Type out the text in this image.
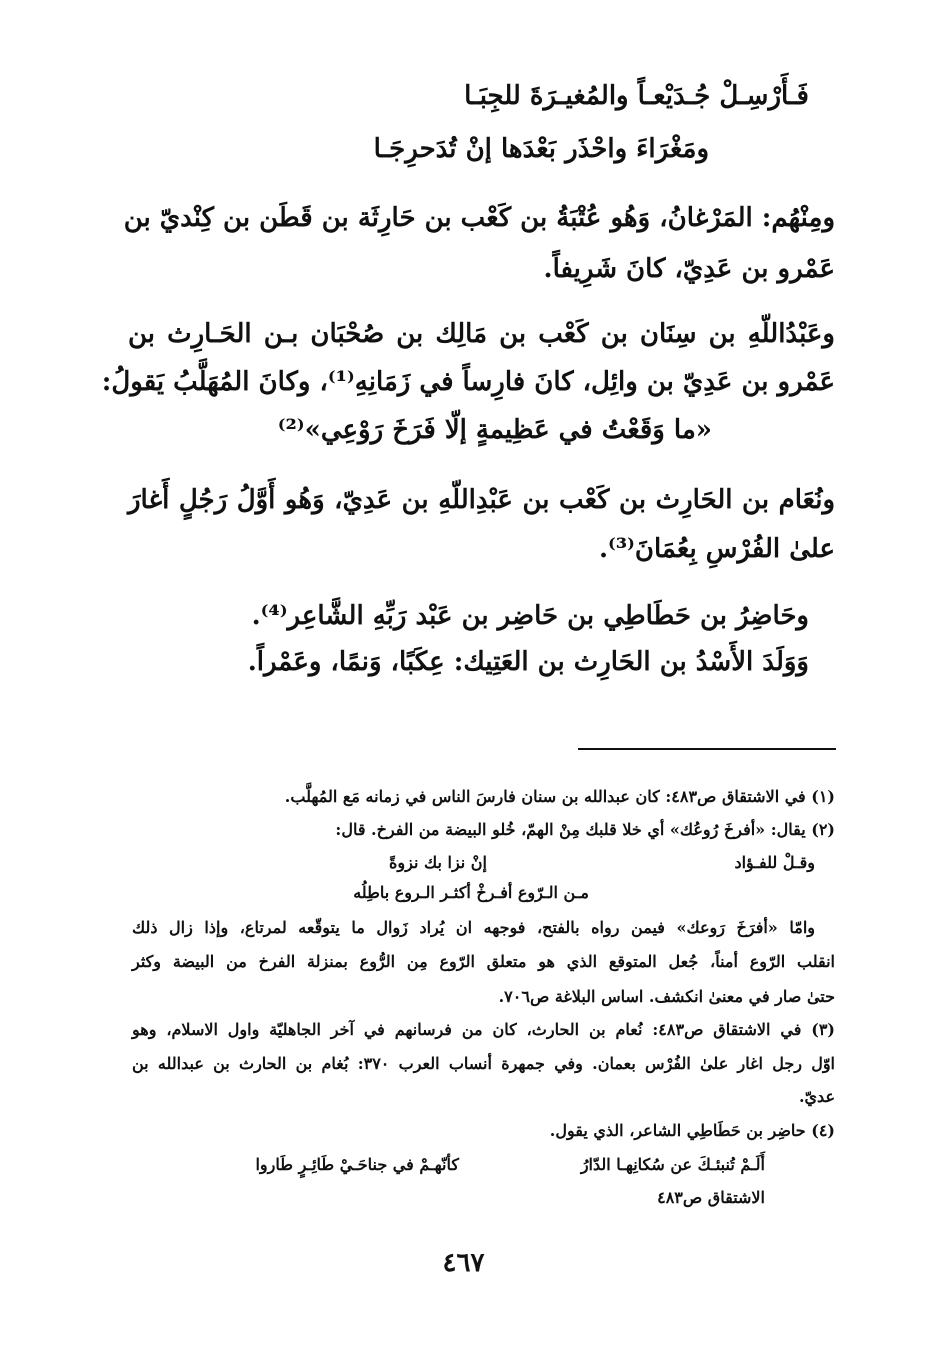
فَـأَرْسِـلْ جُـدَيْعـاً والمُغيـرَةَ للجِبَـا
ومَغْرَاءَ واحْذَر بَعْدَها إنْ تُدَحرِجَـا
ومِنْهُم: المَرْغانُ، وَهُو عُتْبَةُ بن كَعْب بن حَارِثَة بن قَطَن بن كِنْديّ بن
عَمْرو بن عَدِيّ، كانَ شَرِيفاً.
وعَبْدُاللّهِ بن سِنَان بن كَعْب بن مَالِك بن صُحْبَان بـن الحَـارِث بن
عَمْرو بن عَدِيّ بن وائِل، كانَ فارِساً في زَمَانِهِ⁽¹⁾، وكانَ المُهَلَّبُ يَقولُ:
«ما وَقَعْتُ في عَظِيمةٍ إلّا فَرَخَ رَوْعِي»⁽²⁾
ونُعَام بن الحَارِث بن كَعْب بن عَبْدِاللّهِ بن عَدِيّ، وَهُو أَوَّلُ رَجُلٍ أَغارَ
علىٰ الفُرْسِ بِعُمَانَ⁽³⁾.
وحَاضِرُ بن حَطَاطِي بن حَاضِر بن عَبْد رَبِّهِ الشَّاعِر⁽⁴⁾.
وَوَلَدَ الأَسْدُ بن الحَارِث بن العَتِيك: عِكَبًا، وَنمًا، وعَمْراً.
(١) في الاشتقاق ص٤٨٣: كان عبدالله بن سنان فارسَ الناس في زمانه مَع المُهلَّب.
(٢) يقال: «أفرخَ رُوعُك» أي خلا قلبك مِنْ الهمّ، خُلو البيضة من الفرخ. قال:
وقـلْ للفـؤاد
إنْ نزا بك نزوةً
مـن الـرّوع أفـرخْ أكثـر الـروع باطِلُه
وامّا «أفرَخَ رَوعك» فيمن رواه بالفتح، فوجهه ان يُراد زَوال ما يتوقّعه لمرتاع، وإذا زال ذلك
انقلب الرّوع أمناً، جُعل المتوقع الذي هو متعلق الرّوع مِن الرُّوع بمنزلة الفرخ من البيضة وكثر
حتىٰ صار في معنىٰ انكشف. اساس البلاغة ص٧٠٦.
(٣) في الاشتقاق ص٤٨٣: نُعام بن الحارث، كان من فرسانهم في آخر الجاهليّة واول الاسلام، وهو
اوّل رجل اغار علىٰ الفُرْس بعمان. وفي جمهرة أنساب العرب ٣٧٠: بُغام بن الحارث بن عبدالله بن
عديّ.
(٤) حاضِر بن حَطَاطِي الشاعر، الذي يقول.
أَلَـمْ تُنبئـكَ عن سُكانِهـا الدّارُ
كأنّهـمْ في جناحَـيْ طَائِـرٍ طَاروا
الاشتقاق ص٤٨٣
٤٦٧
